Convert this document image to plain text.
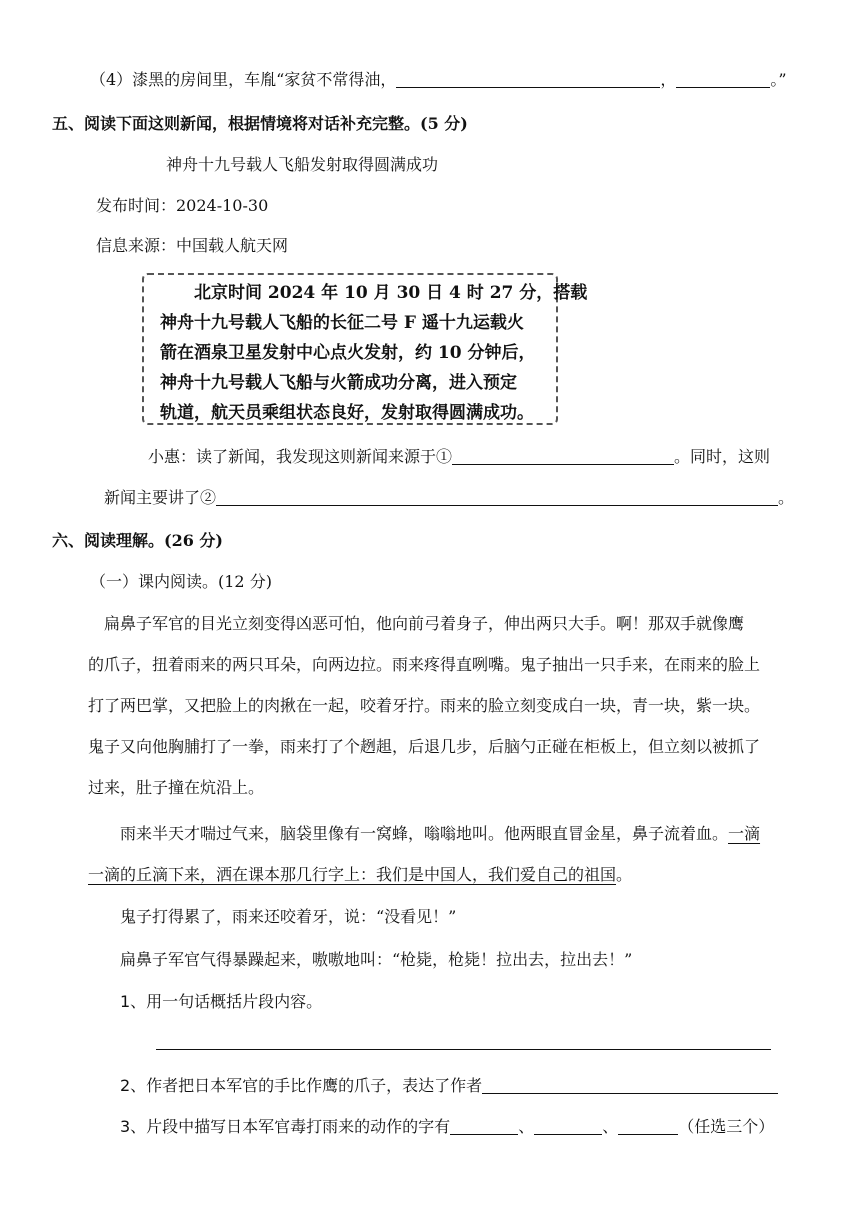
（4）漆黑的房间里，车胤“家贫不常得油，	，	。”
五、阅读下面这则新闻，根据情境将对话补充完整。(5 分)
神舟十九号载人飞船发射取得圆满成功
发布时间：2024-10-30
信息来源：中国载人航天网
北京时间 2024 年 10 月 30 日 4 时 27 分，搭载
神舟十九号载人飞船的长征二号 F 遥十九运载火
箭在酒泉卫星发射中心点火发射，约 10 分钟后，
神舟十九号载人飞船与火箭成功分离，进入预定
轨道，航天员乘组状态良好，发射取得圆满成功。
小惠：读了新闻，我发现这则新闻来源于①	。同时，这则
新闻主要讲了②	。
六、阅读理解。(26 分)
（一）课内阅读。(12 分)
扁鼻子军官的目光立刻变得凶恶可怕，他向前弓着身子，伸出两只大手。啊！那双手就像鹰
的爪子，扭着雨来的两只耳朵，向两边拉。雨来疼得直咧嘴。鬼子抽出一只手来，在雨来的脸上
打了两巴掌，又把脸上的肉揪在一起，咬着牙拧。雨来的脸立刻变成白一块，青一块，紫一块。
鬼子又向他胸脯打了一拳，雨来打了个趔趄，后退几步，后脑勺正碰在柜板上，但立刻以被抓了
过来，肚子撞在炕沿上。
雨来半天才喘过气来，脑袋里像有一窝蜂，嗡嗡地叫。他两眼直冒金星，鼻子流着血。一滴
一滴的丘滴下来，洒在课本那几行字上：我们是中国人，我们爱自己的祖国。
鬼子打得累了，雨来还咬着牙，说：“没看见！”
扁鼻子军官气得暴躁起来，嗷嗷地叫：“枪毙，枪毙！拉出去，拉出去！”
1、用一句话概括片段内容。
2、作者把日本军官的手比作鹰的爪子，表达了作者
3、片段中描写日本军官毒打雨来的动作的字有	、	、	（任选三个）
